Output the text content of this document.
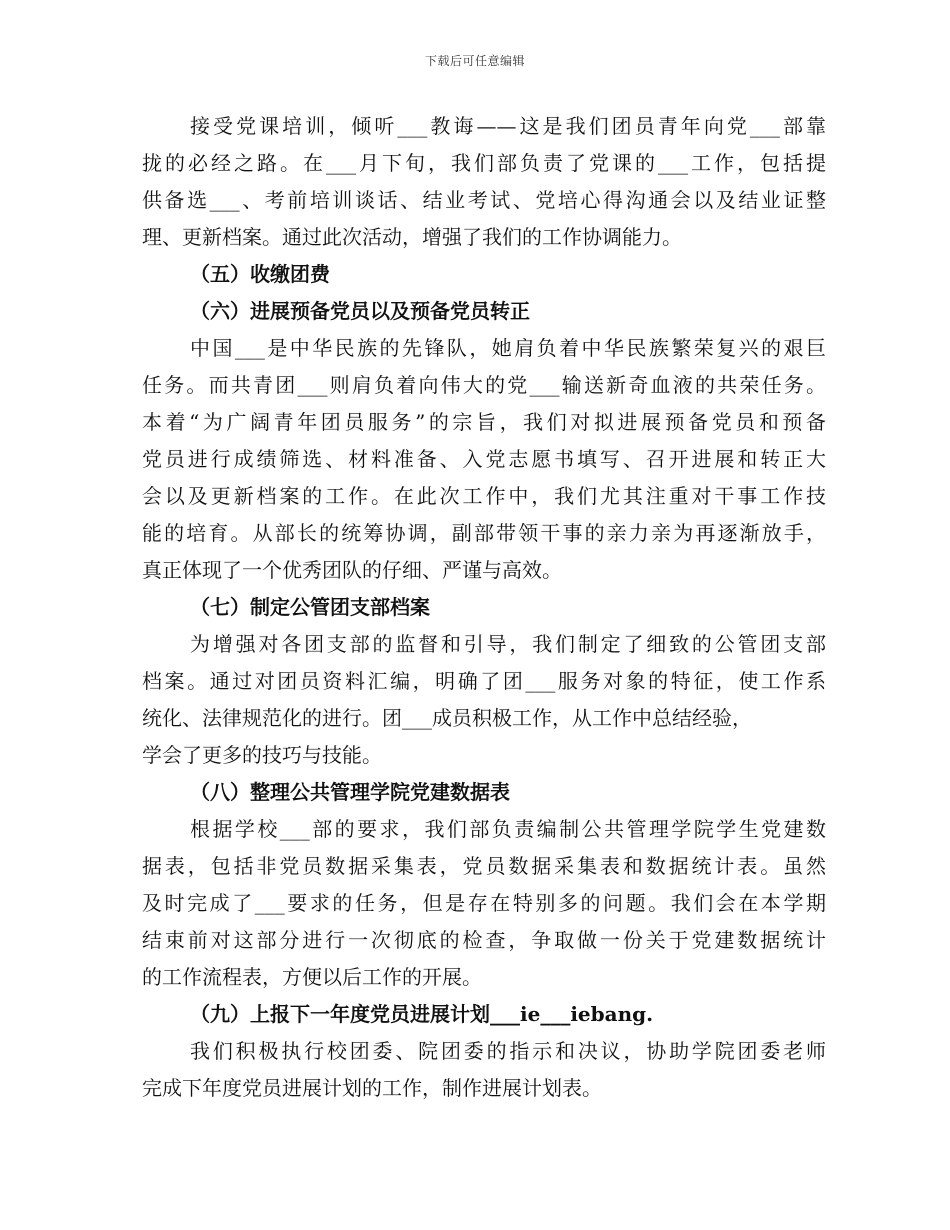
下载后可任意编辑
接受党课培训，倾听___教诲——这是我们团员青年向党___部靠
拢的必经之路。在___月下旬，我们部负责了党课的___工作，包括提
供备选___、考前培训谈话、结业考试、党培心得沟通会以及结业证整
理、更新档案。通过此次活动，增强了我们的工作协调能力。
（五）收缴团费
（六）进展预备党员以及预备党员转正
中国___是中华民族的先锋队，她肩负着中华民族繁荣复兴的艰巨
任务。而共青团___则肩负着向伟大的党___输送新奇血液的共荣任务。
本着“为广阔青年团员服务”的宗旨，我们对拟进展预备党员和预备
党员进行成绩筛选、材料准备、入党志愿书填写、召开进展和转正大
会以及更新档案的工作。在此次工作中，我们尤其注重对干事工作技
能的培育。从部长的统筹协调，副部带领干事的亲力亲为再逐渐放手，
真正体现了一个优秀团队的仔细、严谨与高效。
（七）制定公管团支部档案
为增强对各团支部的监督和引导，我们制定了细致的公管团支部
档案。通过对团员资料汇编，明确了团___服务对象的特征，使工作系
统化、法律规范化的进行。团___成员积极工作，从工作中总结经验，
学会了更多的技巧与技能。
（八）整理公共管理学院党建数据表
根据学校___部的要求，我们部负责编制公共管理学院学生党建数
据表，包括非党员数据采集表，党员数据采集表和数据统计表。虽然
及时完成了___要求的任务，但是存在特别多的问题。我们会在本学期
结束前对这部分进行一次彻底的检查，争取做一份关于党建数据统计
的工作流程表，方便以后工作的开展。
（九）上报下一年度党员进展计划___ie___iebang.
我们积极执行校团委、院团委的指示和决议，协助学院团委老师
完成下年度党员进展计划的工作，制作进展计划表。
